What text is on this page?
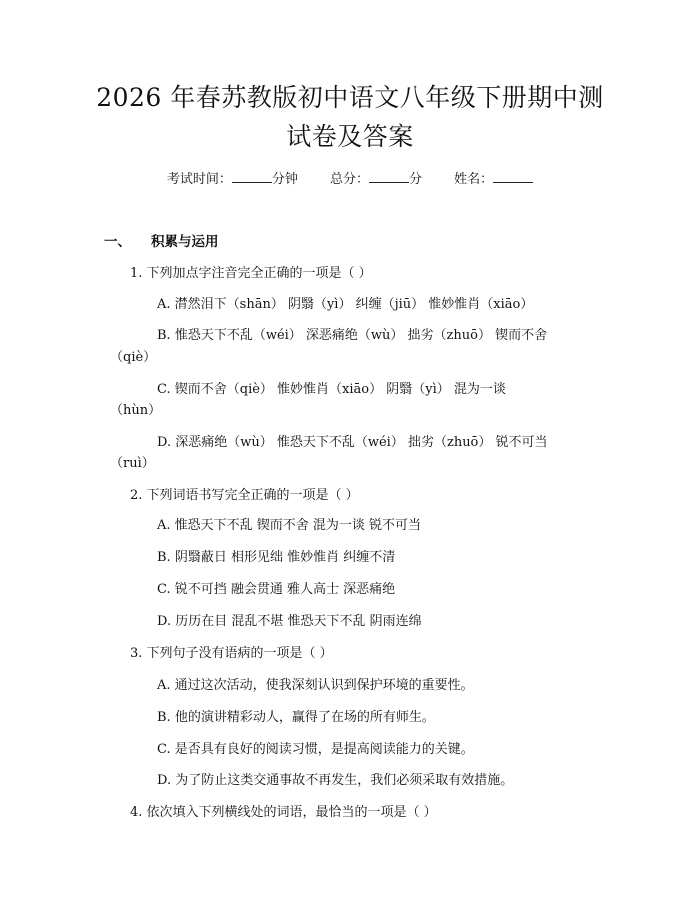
2026 年春苏教版初中语文八年级下册期中测
试卷及答案
考试时间：	分钟 总分：	分 姓名：
一、 积累与运用
1. 下列加点字注音完全正确的一项是（ ）
A. 潸然泪下（shān） 阴翳（yì） 纠缠（jiū） 惟妙惟肖（xiāo）
B. 惟恐天下不乱（wéi） 深恶痛绝（wù） 拙劣（zhuō） 锲而不舍
（qiè）
C. 锲而不舍（qiè） 惟妙惟肖（xiāo） 阴翳（yì） 混为一谈
（hùn）
D. 深恶痛绝（wù） 惟恐天下不乱（wéi） 拙劣（zhuō） 锐不可当
（ruì）
2. 下列词语书写完全正确的一项是（ ）
A. 惟恐天下不乱 锲而不舍 混为一谈 锐不可当
B. 阴翳蔽日 相形见绌 惟妙惟肖 纠缠不清
C. 锐不可挡 融会贯通 雅人高士 深恶痛绝
D. 历历在目 混乱不堪 惟恐天下不乱 阴雨连绵
3. 下列句子没有语病的一项是（ ）
A. 通过这次活动，使我深刻认识到保护环境的重要性。
B. 他的演讲精彩动人，赢得了在场的所有师生。
C. 是否具有良好的阅读习惯，是提高阅读能力的关键。
D. 为了防止这类交通事故不再发生，我们必须采取有效措施。
4. 依次填入下列横线处的词语，最恰当的一项是（ ）
